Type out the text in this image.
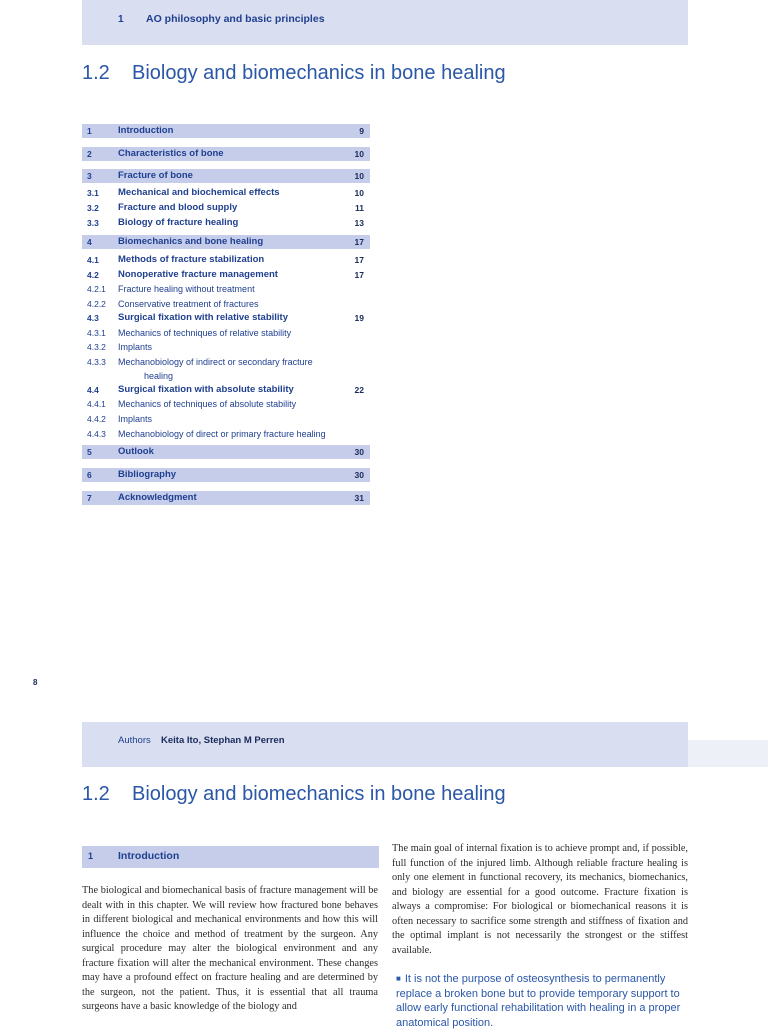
1 AO philosophy and basic principles
1.2 Biology and biomechanics in bone healing
1	Introduction	9
2	Characteristics of bone	10
3	Fracture of bone	10
3.1 Mechanical and biochemical effects	10
3.2 Fracture and blood supply	11
3.3 Biology of fracture healing	13
4	Biomechanics and bone healing	17
4.1 Methods of fracture stabilization	17
4.2 Nonoperative fracture management	17
4.2.1 Fracture healing without treatment
4.2.2 Conservative treatment of fractures
4.3 Surgical fixation with relative stability	19
4.3.1 Mechanics of techniques of relative stability
4.3.2 Implants
4.3.3 Mechanobiology of indirect or secondary fracture
healing
4.4 Surgical fixation with absolute stability	22
4.4.1 Mechanics of techniques of absolute stability
4.4.2 Implants
4.4.3 Mechanobiology of direct or primary fracture healing
5	Outlook	30
6	Bibliography	30
7	Acknowledgment	31
8
Authors Keita Ito, Stephan M Perren
1.2 Biology and biomechanics in bone healing
1 Introduction

The biological and biomechanical basis of fracture management will be dealt with in this chapter. We will review how fractured bone behaves in different biological and mechanical environments and how this will influence the choice and method of treatment by the surgeon. Any surgical procedure may alter the biological environment and any fracture fixation will alter the mechanical environment. These changes may have a profound effect on fracture healing and are determined by the surgeon, not the patient. Thus, it is essential that all trauma surgeons have a basic knowledge of the biology and

The main goal of internal fixation is to achieve prompt and, if possible, full function of the injured limb. Although reliable fracture healing is only one element in functional recovery, its mechanics, biomechanics, and biology are essential for a good outcome. Fracture fixation is always a compromise: For biological or biomechanical reasons it is often necessary to sacrifice some strength and stiffness of fixation and the optimal implant is not necessarily the strongest or the stiffest available.

■ It is not the purpose of osteosynthesis to permanently replace a broken bone but to provide temporary support to allow early functional rehabilitation with healing in a proper anatomical position.
